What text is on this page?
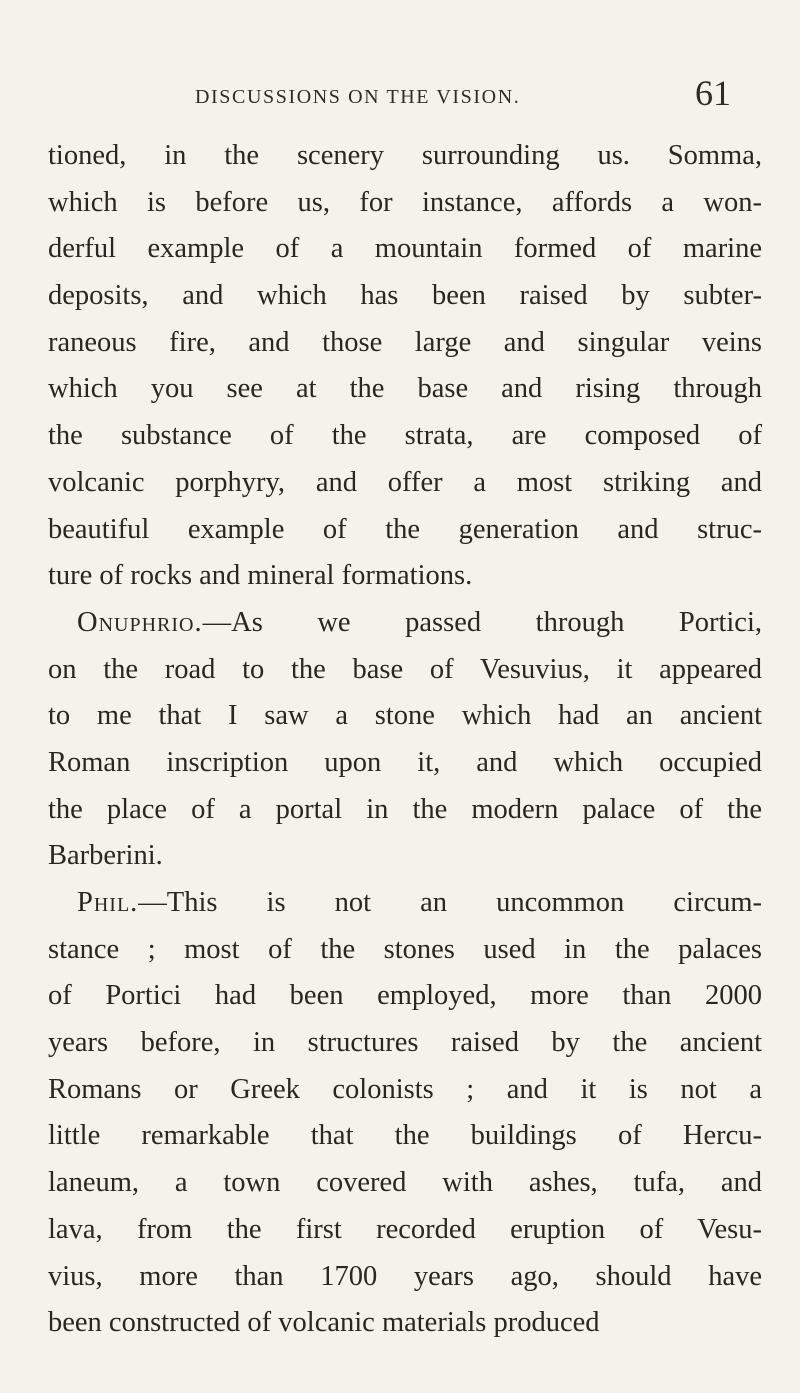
DISCUSSIONS ON THE VISION.	61
tioned, in the scenery surrounding us. Somma,
which is before us, for instance, affords a won-
derful example of a mountain formed of marine
deposits, and which has been raised by subter-
raneous fire, and those large and singular veins
which you see at the base and rising through
the substance of the strata, are composed of
volcanic porphyry, and offer a most striking and
beautiful example of the generation and struc-
ture of rocks and mineral formations.
Onuphrio.—As we passed through Portici,
on the road to the base of Vesuvius, it appeared
to me that I saw a stone which had an ancient
Roman inscription upon it, and which occupied
the place of a portal in the modern palace of the
Barberini.
Phil.—This is not an uncommon circum-
stance ; most of the stones used in the palaces
of Portici had been employed, more than 2000
years before, in structures raised by the ancient
Romans or Greek colonists ; and it is not a
little remarkable that the buildings of Hercu-
laneum, a town covered with ashes, tufa, and
lava, from the first recorded eruption of Vesu-
vius, more than 1700 years ago, should have
been constructed of volcanic materials produced
